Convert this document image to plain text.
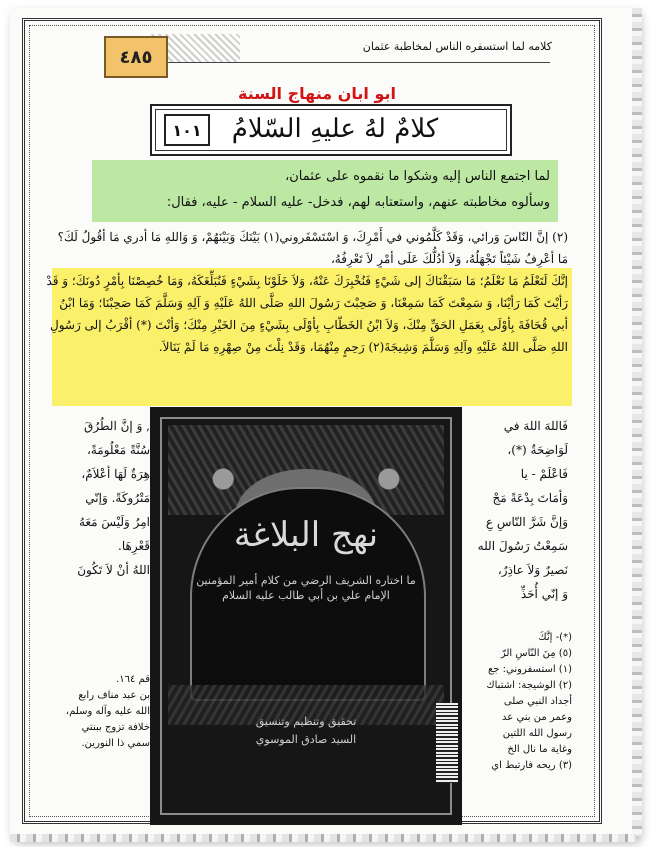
كلامه لما استسفره الناس لمخاطبة عثمان
٤٨٥
ابو ابان منهاج السنة
كلامٌ لهُ عليهِ السّلامُ
١٠١
لما اجتمع الناس إليه وشكوا ما نقموه على عثمان،
وسألوه مخاطبته عنهم، واستعتابه لهم، فدخل- عليه السلام - عليه، فقال:
(٢) إنَّ النّاسَ وَرائي، وَقَدْ كَلَّمُوني في أَمْرِكَ، وَ اسْتَسْفَروني(١) بَيْنَكَ وَبَيْنَهُمْ، وَ وَاللهِ مَا أدري مَا أقُولُ لَكَ؟ مَا أعْرِفُ شَيْئاً تَجْهَلُهُ، وَلاَ أدُلُّكَ عَلَى أمْرٍ لاَ تَعْرِفُهُ،
إنَّكَ لَتَعْلَمُ مَا نَعْلَمُ؛ مَا سَبَقْنَاكَ إلى شَيْءٍ فَنُخْبِرَكَ عَنْهُ، وَلاَ خَلَوْنَا بِشَيْءٍ فَنُبَلِّغَكَهُ، وَمَا خُصِصْنَا بِأمْرٍ دُونَكَ؛ وَ قَدْ رَأيْتَ كَمَا رَأيْنَا، وَ سَمِعْتَ كَمَا سَمِعْنَا، وَ صَحِبْتَ رَسُولَ اللهِ صَلَّى اللهُ عَلَيْهِ وَ آلِهِ وَسَلَّمَ كَمَا صَحِبْنَا؛ وَمَا ابْنُ أبي قُحَافَةَ بِأوْلَى بِعَمَلِ الحَقِّ مِنْكَ، وَلاَ ابْنُ الخَطّابِ بِأوْلَى بِشَيْءٍ مِنَ الخَيْرِ مِنْكَ؛ وَأنْتَ (*) أقْرَبُ إلى رَسُولِ اللهِ صَلَّى اللهُ عَلَيْهِ وآلِهِ وَسَلَّمَ وَشِيجَةَ(٢) رَحِمٍ مِنْهُمَا، وَقَدْ نِلْتَ مِنْ صِهْرِهِ مَا لَمْ يَنَالاَ.
فَاللهَ اللهَ في
لَوَاضِحَةٌ (*)،
فَاعْلَمْ - يا
وَأمَاتَ بِدْعَةً مَجْ
وَإنَّ شَرَّ النّاسِ عِ
سَمِعْتُ رَسُولَ الله
نَصيرٌ وَلاَ عاذِرٌ،
وَ إنّي أُحَذِّ
, وَ إنَّ الطُرُقَ
سُنَّةً مَعْلُومَةً،
هِرَةٌ لَهَا أعْلاَمٌ،
مَتْرُوكَةً. وَإنّي
امِرُ وَلَيْسَ مَعَهُ
قَعْرِهَا.
اللهُ أنْ لاَ تَكُونَ
(*)- إنَّكَ
(٥) مِنَ النّاسِ الرّ
(١) استسفروني: جع
(٢) الوشيجة: اشتباك
أجداد النبي صلى
وعمر من بني عد
رسول الله اللتين
وغاية ما نال الخ
(٣) ريحه فارتبط اي
قم ١٦٤.
بن عبد مناف رابع
الله عليه وآله وسلم،
خلافة تزوج ببنتي
سمي ذا النورين.
نهج البلاغة
ما اختاره الشريف الرضي من كلام أمير المؤمنين
الإمام علي بن أبي طالب عليه السلام
تحقيق وتنظيم وتنسيق
السيد صادق الموسوي
